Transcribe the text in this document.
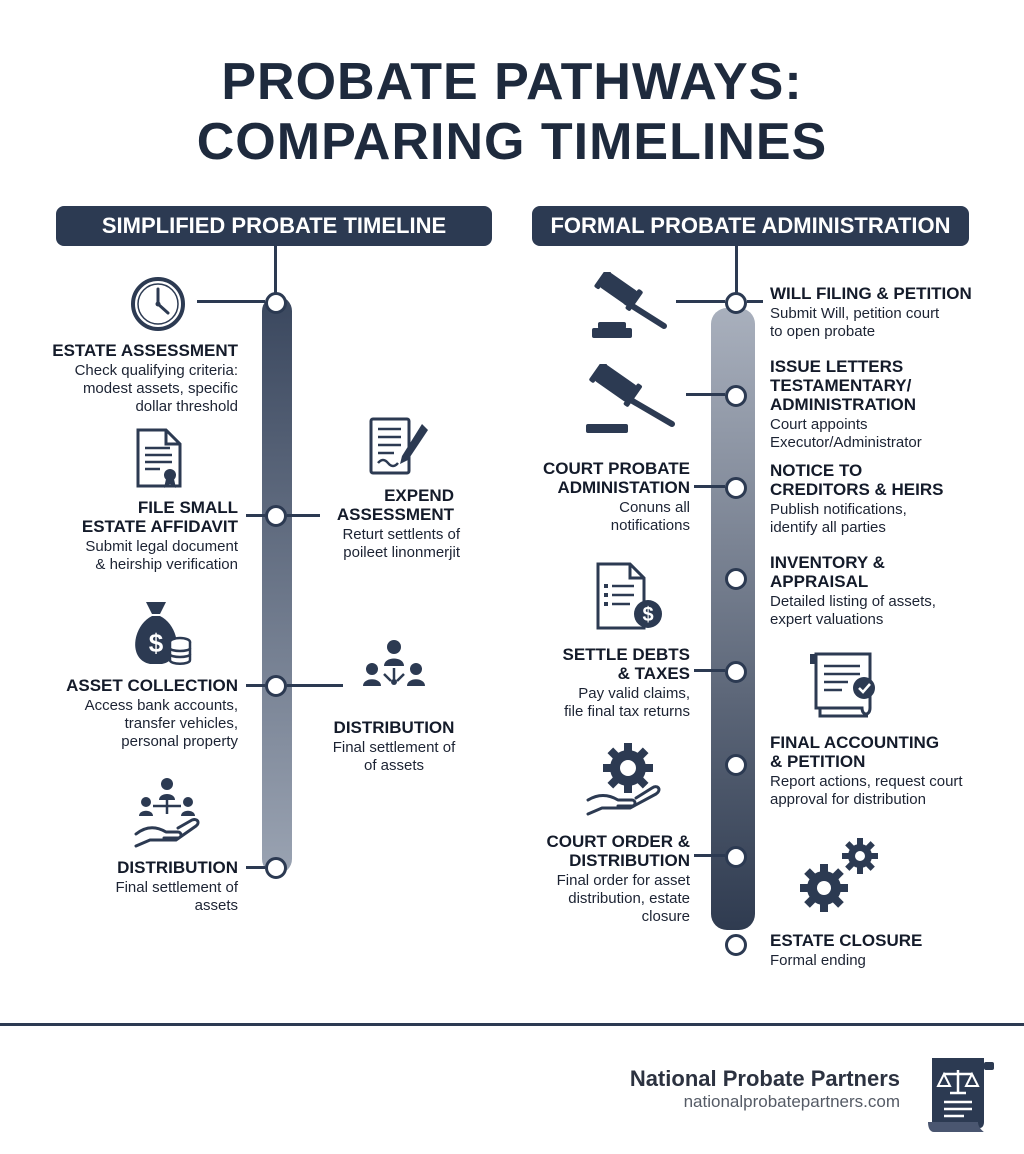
PROBATE PATHWAYS:
COMPARING TIMELINES
SIMPLIFIED PROBATE TIMELINE	FORMAL PROBATE ADMINISTRATION
$
ESTATE ASSESSMENT
Check qualifying criteria:
modest assets, specific
dollar threshold
FILE SMALL
ESTATE AFFIDAVIT
Submit legal document
& heirship verification
EXPEND
ASSESSMENT
Returt settlents of
poileet linonmerjit
ASSET COLLECTION
Access bank accounts,
transfer vehicles,
personal property
DISTRIBUTION
Final settlement of
of assets
DISTRIBUTION
Final settlement of
assets
$
WILL FILING & PETITION
Submit Will, petition court
to open probate
ISSUE LETTERS
TESTAMENTARY/
ADMINISTRATION
Court appoints
Executor/Administrator
NOTICE TO
CREDITORS & HEIRS
Publish notifications,
identify all parties
INVENTORY &
APPRAISAL
Detailed listing of assets,
expert valuations
FINAL ACCOUNTING
& PETITION
Report actions, request court
approval for distribution
ESTATE CLOSURE
Formal ending
COURT PROBATE
ADMINISTATION
Conuns all
notifications
SETTLE DEBTS
& TAXES
Pay valid claims,
file final tax returns
COURT ORDER &
DISTRIBUTION
Final order for asset
distribution, estate
closure
National Probate Partners
nationalprobatepartners.com
